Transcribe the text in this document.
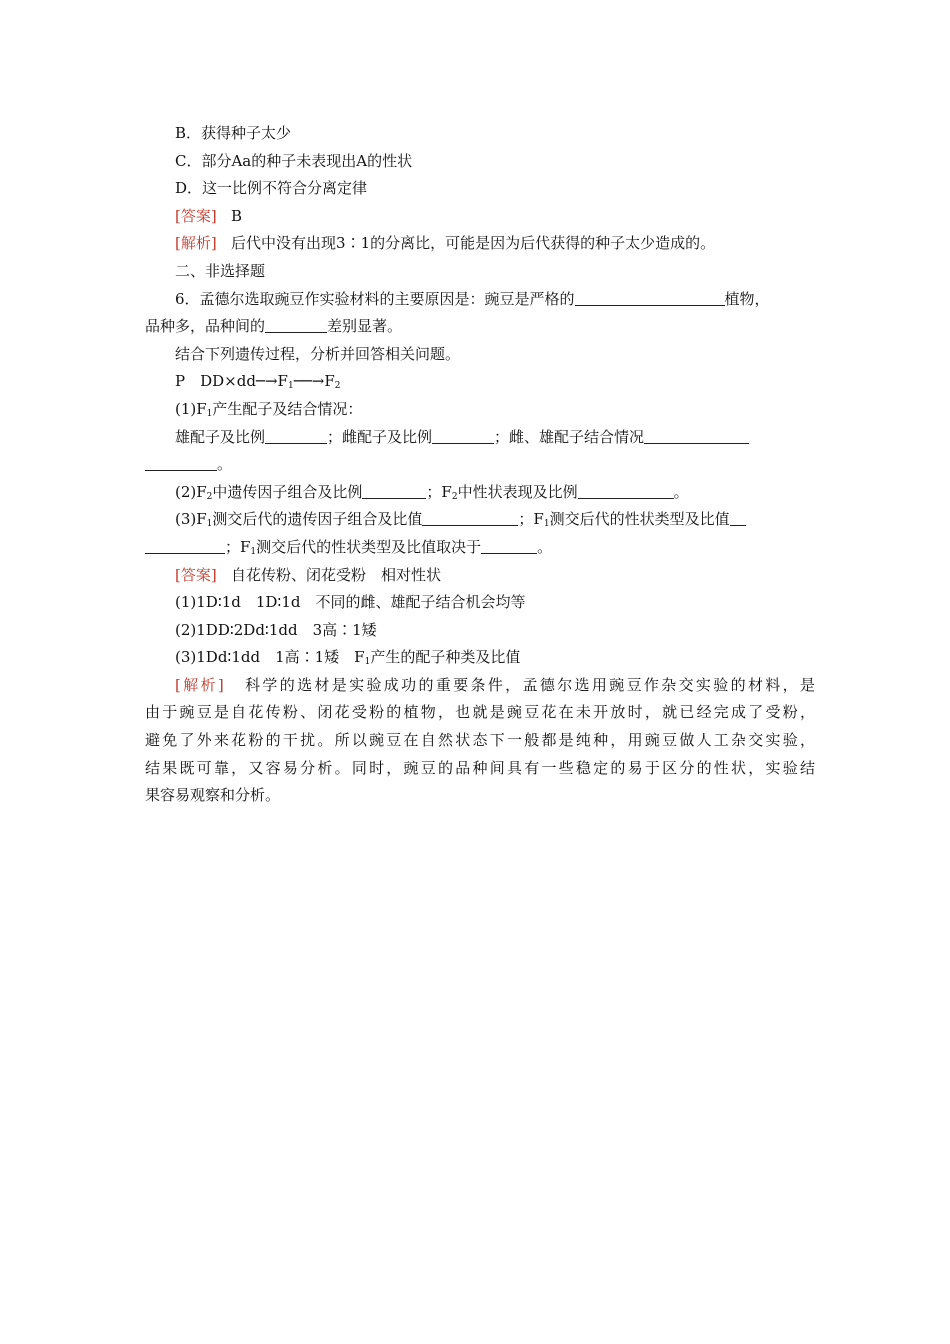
B．获得种子太少
C．部分Aa的种子未表现出A的性状
D．这一比例不符合分离定律
[答案] B
[解析] 后代中没有出现3∶1的分离比，可能是因为后代获得的种子太少造成的。
二、非选择题
6．孟德尔选取豌豆作实验材料的主要原因是：豌豆是严格的	植物，
品种多，品种间的	差别显著。
结合下列遗传过程，分析并回答相关问题。
P　$DD\times dd─\to F_1──\to F_2$
$(1)F_1$产生配子及结合情况：
雄配子及比例	；雌配子及比例	；雌、雄配子结合情况
。
$(2)F_2$中遗传因子组合及比例	；$F_2$中性状表现及比例	。
$(3)F_1$测交后代的遗传因子组合及比值	；$F_1$测交后代的性状类型及比值
；$F_1$测交后代的性状类型及比值取决于	。
[答案] 自花传粉、闭花受粉　相对性状
(1)1D∶1d　1D∶1d　不同的雌、雄配子结合机会均等
(2)1DD∶2Dd∶1dd　3高∶1矮
(3)1Dd∶1dd　1高∶1矮　$F_1$产生的配子种类及比值
[解析] 科学的选材是实验成功的重要条件，孟德尔选用豌豆作杂交实验的材料，是
由于豌豆是自花传粉、闭花受粉的植物，也就是豌豆花在未开放时，就已经完成了受粉，
避免了外来花粉的干扰。所以豌豆在自然状态下一般都是纯种，用豌豆做人工杂交实验，
结果既可靠，又容易分析。同时，豌豆的品种间具有一些稳定的易于区分的性状，实验结
果容易观察和分析。
